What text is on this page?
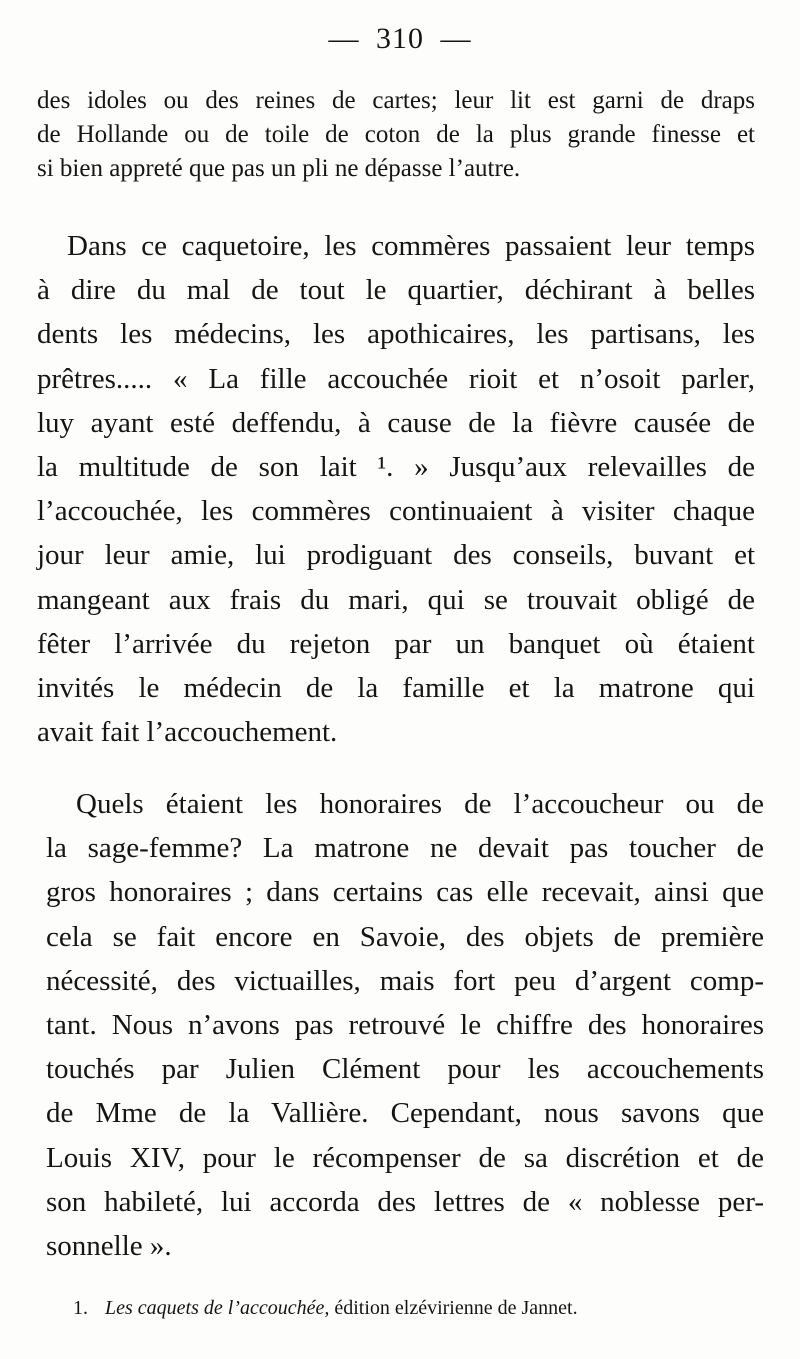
— 310 —
des idoles ou des reines de cartes; leur lit est garni de draps
de Hollande ou de toile de coton de la plus grande finesse et
si bien appreté que pas un pli ne dépasse l’autre.
Dans ce caquetoire, les commères passaient leur temps
à dire du mal de tout le quartier, déchirant à belles
dents les médecins, les apothicaires, les partisans, les
prêtres..... « La fille accouchée rioit et n’osoit parler,
luy ayant esté deffendu, à cause de la fièvre causée de
la multitude de son lait ¹. » Jusqu’aux relevailles de
l’accouchée, les commères continuaient à visiter chaque
jour leur amie, lui prodiguant des conseils, buvant et
mangeant aux frais du mari, qui se trouvait obligé de
fêter l’arrivée du rejeton par un banquet où étaient
invités le médecin de la famille et la matrone qui
avait fait l’accouchement.
Quels étaient les honoraires de l’accoucheur ou de
la sage-femme? La matrone ne devait pas toucher de
gros honoraires ; dans certains cas elle recevait, ainsi que
cela se fait encore en Savoie, des objets de première
nécessité, des victuailles, mais fort peu d’argent comp-
tant. Nous n’avons pas retrouvé le chiffre des honoraires
touchés par Julien Clément pour les accouchements
de Mme de la Vallière. Cependant, nous savons que
Louis XIV, pour le récompenser de sa discrétion et de
son habileté, lui accorda des lettres de « noblesse per-
sonnelle ».
1. Les caquets de l’accouchée, édition elzévirienne de Jannet.
